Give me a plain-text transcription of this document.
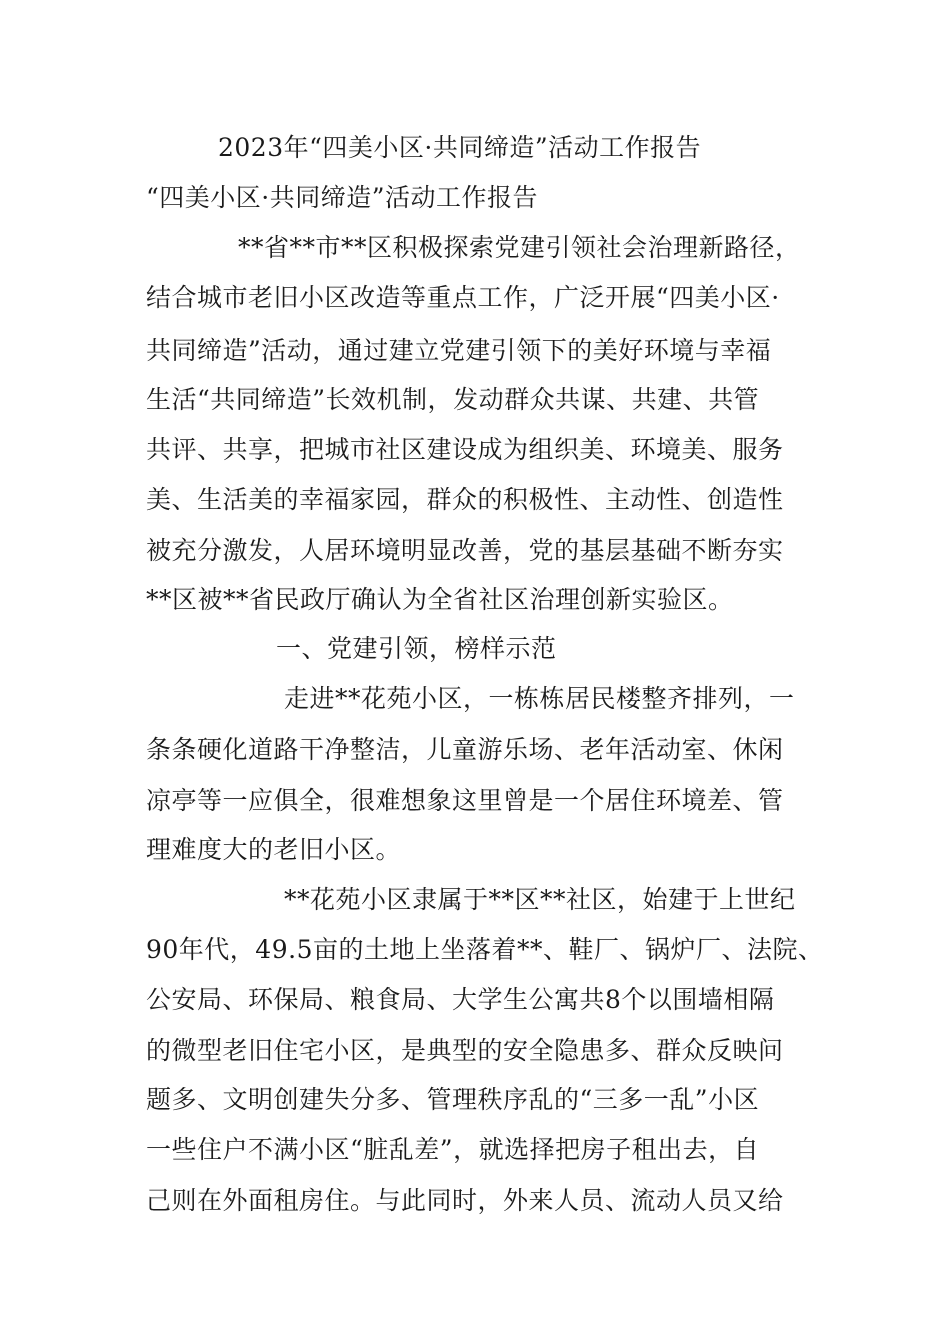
2023年“四美小区·共同缔造”活动工作报告
“四美小区·共同缔造”活动工作报告
**省**市**区积极探索党建引领社会治理新路径，
结合城市老旧小区改造等重点工作，广泛开展“四美小区·
共同缔造”活动，通过建立党建引领下的美好环境与幸福
生活“共同缔造”长效机制，发动群众共谋、共建、共管
共评、共享，把城市社区建设成为组织美、环境美、服务
美、生活美的幸福家园，群众的积极性、主动性、创造性
被充分激发，人居环境明显改善，党的基层基础不断夯实
**区被**省民政厅确认为全省社区治理创新实验区。
一、党建引领，榜样示范
走进**花苑小区，一栋栋居民楼整齐排列，一
条条硬化道路干净整洁，儿童游乐场、老年活动室、休闲
凉亭等一应俱全，很难想象这里曾是一个居住环境差、管
理难度大的老旧小区。
**花苑小区隶属于**区**社区，始建于上世纪
90年代，49.5亩的土地上坐落着**、鞋厂、锅炉厂、法院、
公安局、环保局、粮食局、大学生公寓共8个以围墙相隔
的微型老旧住宅小区，是典型的安全隐患多、群众反映问
题多、文明创建失分多、管理秩序乱的“三多一乱”小区
一些住户不满小区“脏乱差”，就选择把房子租出去，自
己则在外面租房住。与此同时，外来人员、流动人员又给
